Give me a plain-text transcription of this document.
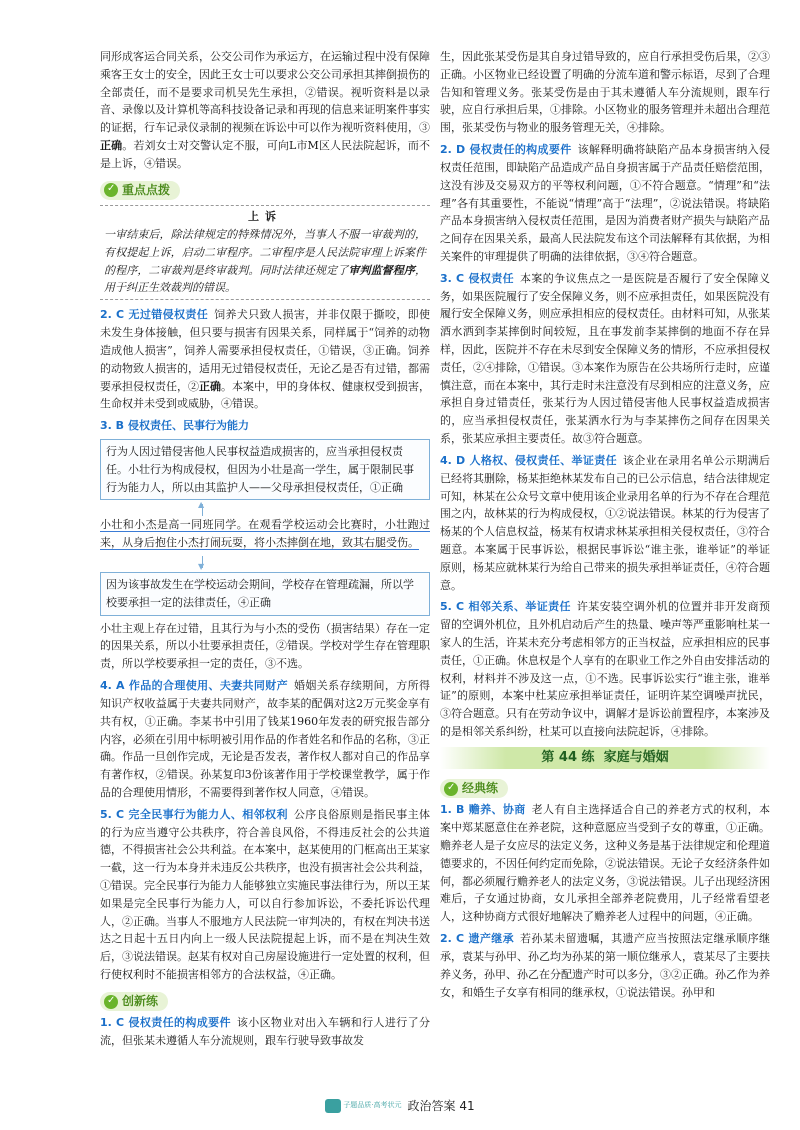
同形成客运合同关系，公交公司作为承运方，在运输过程中没有保障乘客王女士的安全，因此王女士可以要求公交公司承担其摔倒损伤的全部责任，而不是要求司机吴先生承担，②错误。视听资料是以录音、录像以及计算机等高科技设备记录和再现的信息来证明案件事实的证据，行车记录仪录制的视频在诉讼中可以作为视听资料使用，③正确。若刘女士对交警认定不服，可向L市M区人民法院起诉，而不是上诉，④错误。

✓
重点点拨

上诉

一审结束后，除法律规定的特殊情况外，当事人不服一审裁判的，有权提起上诉，启动二审程序。二审程序是人民法院审理上诉案件的程序，二审裁判是终审裁判。同时法律还规定了审判监督程序，用于纠正生效裁判的错误。

2. C 无过错侵权责任 饲养犬只致人损害，并非仅限于撕咬，即使未发生身体接触，但只要与损害有因果关系，同样属于“饲养的动物造成他人损害”，饲养人需要承担侵权责任，①错误，③正确。饲养的动物致人损害的，适用无过错侵权责任，无论乙是否有过错，都需要承担侵权责任，②正确。本案中，甲的身体权、健康权受到损害，生命权并未受到或威胁，④错误。

3. B 侵权责任、民事行为能力

行为人因过错侵害他人民事权益造成损害的，应当承担侵权责任。小壮行为构成侵权，但因为小壮是高一学生，属于限制民事行为能力人，所以由其监护人——父母承担侵权责任，①正确
▲

小壮和小杰是高一同班同学。在观看学校运动会比赛时，小壮跑过来，从身后抱住小杰打闹玩耍，将小杰摔倒在地，致其右腿受伤。

▼
因为该事故发生在学校运动会期间，学校存在管理疏漏，所以学校要承担一定的法律责任，④正确

小壮主观上存在过错，且其行为与小杰的受伤（损害结果）存在一定的因果关系，所以小壮要承担责任，②错误。学校对学生存在管理职责，所以学校要承担一定的责任，③不选。

4. A 作品的合理使用、夫妻共同财产 婚姻关系存续期间，方所得知识产权收益属于夫妻共同财产，故李某的配偶对这2万元奖金享有共有权，①正确。李某书中引用了钱某1960年发表的研究报告部分内容，必须在引用中标明被引用作品的作者姓名和作品的名称，③正确。作品一旦创作完成，无论是否发表，著作权人都对自己的作品享有著作权，②错误。孙某复印3份该著作用于学校课堂教学，属于作品的合理使用情形，不需要得到著作权人同意，④错误。

5. C 完全民事行为能力人、相邻权利 公序良俗原则是指民事主体的行为应当遵守公共秩序，符合善良风俗，不得违反社会的公共道德，不得损害社会公共利益。在本案中，赵某使用的门框高出王某家一截，这一行为本身并未违反公共秩序，也没有损害社会公共利益，①错误。完全民事行为能力人能够独立实施民事法律行为，所以王某如果是完全民事行为能力人，可以自行参加诉讼，不委托诉讼代理人，②正确。当事人不服地方人民法院一审判决的，有权在判决书送达之日起十五日内向上一级人民法院提起上诉，而不是在判决生效后，③说法错误。赵某有权对自己房屋设施进行一定处置的权利，但行使权利时不能损害相邻方的合法权益，④正确。

✓
创新练

1. C 侵权责任的构成要件 该小区物业对出入车辆和行人进行了分流，但张某未遵循人车分流规则，跟车行驶导致事故发

生，因此张某受伤是其自身过错导致的，应自行承担受伤后果，②③正确。小区物业已经设置了明确的分流车道和警示标语，尽到了合理告知和管理义务。张某受伤是由于其未遵循人车分流规则，跟车行驶，应自行承担后果，①排除。小区物业的服务管理并未超出合理范围，张某受伤与物业的服务管理无关，④排除。

2. D 侵权责任的构成要件 该解释明确将缺陷产品本身损害纳入侵权责任范围，即缺陷产品造成产品自身损害属于产品责任赔偿范围，这没有涉及交易双方的平等权利问题，①不符合题意。“情理”和“法理”各有其重要性，不能说“情理”高于“法理”，②说法错误。将缺陷产品本身损害纳入侵权责任范围，是因为消费者财产损失与缺陷产品之间存在因果关系，最高人民法院发布这个司法解释有其依据，为相关案件的审理提供了明确的法律依据，③④符合题意。

3. C 侵权责任 本案的争议焦点之一是医院是否履行了安全保障义务，如果医院履行了安全保障义务，则不应承担责任，如果医院没有履行安全保障义务，则应承担相应的侵权责任。由材料可知，从张某酒水洒到李某摔倒时间较短，且在事发前李某摔倒的地面不存在异样，因此，医院并不存在未尽到安全保障义务的情形，不应承担侵权责任，②④排除，①错误。③本案作为原告在公共场所行走时，应谨慎注意，而在本案中，其行走时未注意没有尽到相应的注意义务，应承担自身过错责任，张某行为人因过错侵害他人民事权益造成损害的，应当承担侵权责任，张某洒水行为与李某摔伤之间存在因果关系，张某应承担主要责任。故③符合题意。

4. D 人格权、侵权责任、举证责任 该企业在录用名单公示期满后已经将其删除，杨某拒绝林某发布自己的已公示信息，结合法律规定可知，林某在公众号文章中使用该企业录用名单的行为不存在合理范围之内，故林某的行为构成侵权，①②说法错误。林某的行为侵害了杨某的个人信息权益，杨某有权请求林某承担相关侵权责任，③符合题意。本案属于民事诉讼，根据民事诉讼“谁主张，谁举证”的举证原则，杨某应就林某行为给自己带来的损失承担举证责任，④符合题意。

5. C 相邻关系、举证责任 许某安装空调外机的位置并非开发商预留的空调外机位，且外机启动后产生的热量、噪声等严重影响杜某一家人的生活，许某未充分考虑相邻方的正当权益，应承担相应的民事责任，①正确。休息权是个人享有的在职业工作之外自由安排活动的权利，材料并不涉及这一点，①不选。民事诉讼实行“谁主张，谁举证”的原则，本案中杜某应承担举证责任，证明许某空调噪声扰民，③符合题意。只有在劳动争议中，调解才是诉讼前置程序，本案涉及的是相邻关系纠纷，杜某可以直接向法院起诉，④排除。

第 44 练
家庭与婚姻
✓
经典练

1. B 赡养、协商 老人有自主选择适合自己的养老方式的权利，本案中郑某愿意住在养老院，这种意愿应当受到子女的尊重，①正确。赡养老人是子女应尽的法定义务，这种义务是基于法律规定和伦理道德要求的，不因任何约定而免除，②说法错误。无论子女经济条件如何，都必须履行赡养老人的法定义务，③说法错误。儿子出现经济困难后，子女通过协商，女儿承担全部养老院费用，儿子经常看望老人，这种协商方式很好地解决了赡养老人过程中的问题，④正确。

2. C 遗产继承 若孙某未留遗嘱，其遗产应当按照法定继承顺序继承，袁某与孙甲、孙乙均为孙某的第一顺位继承人，袁某尽了主要扶养义务，孙甲、孙乙在分配遗产时可以多分，③②正确。孙乙作为养女，和婚生子女享有相同的继承权，①说法错误。孙甲和

子题品质·高考状元 政治答案 41
